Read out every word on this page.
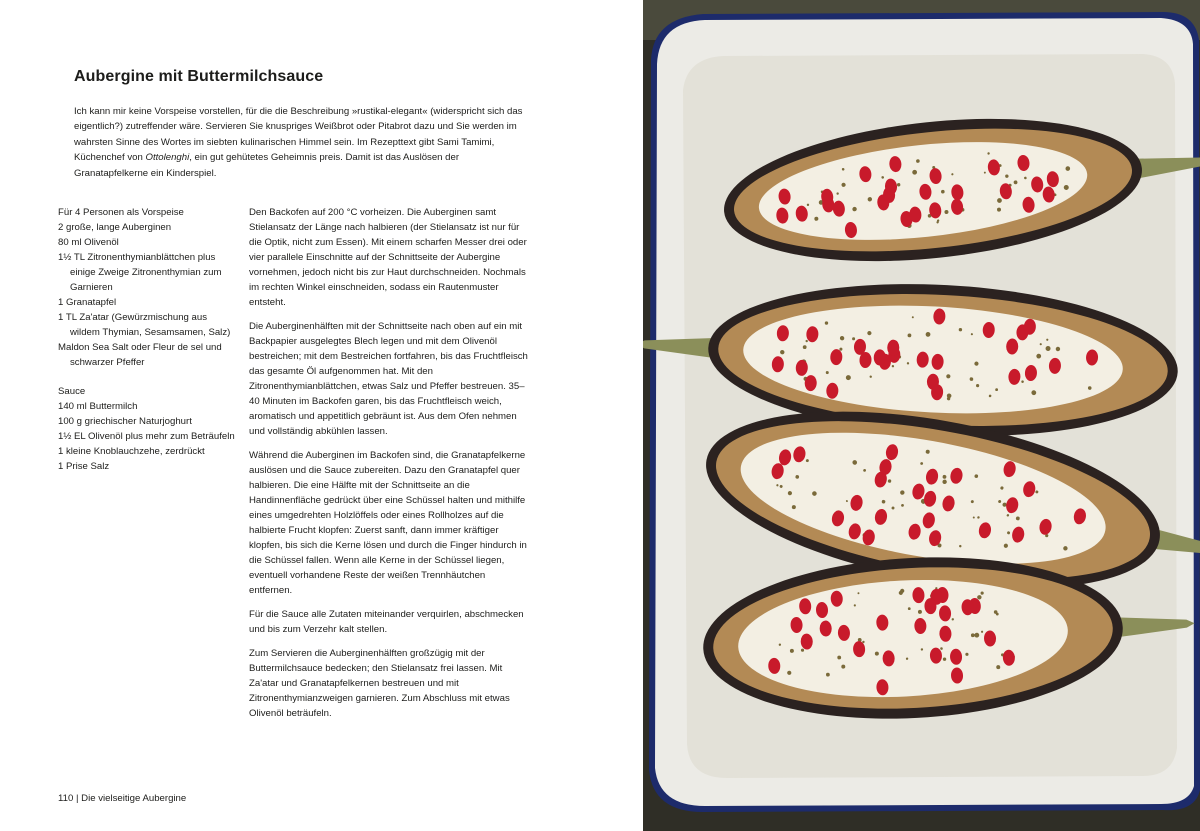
Aubergine mit Buttermilchsauce

Ich kann mir keine Vorspeise vorstellen, für die die Beschreibung »rustikal-elegant« (widerspricht sich das eigentlich?) zutreffender wäre. Servieren Sie knuspriges Weißbrot oder Pitabrot dazu und Sie werden im wahrsten Sinne des Wortes im siebten kulinarischen Himmel sein. Im Rezepttext gibt Sami Tamimi, Küchenchef von Ottolenghi, ein gut gehütetes Geheimnis preis. Damit ist das Auslösen der Granatapfelkerne ein Kinderspiel.

Für 4 Personen als Vorspeise
2 große, lange Auberginen
80 ml Olivenöl
1½ TL Zitronenthymianblättchen plus
einige Zweige Zitronenthymian zum
Garnieren
1 Granatapfel
1 TL Za'atar (Gewürzmischung aus
wildem Thymian, Sesamsamen, Salz)
Maldon Sea Salt oder Fleur de sel und
schwarzer Pfeffer
Sauce
140 ml Buttermilch
100 g griechischer Naturjoghurt
1½ EL Olivenöl plus mehr zum Beträufeln
1 kleine Knoblauchzehe, zerdrückt
1 Prise Salz

Den Backofen auf 200 °C vorheizen. Die Auberginen samt Stielansatz der Länge nach halbieren (der Stielansatz ist nur für die Optik, nicht zum Essen). Mit einem scharfen Messer drei oder vier parallele Einschnitte auf der Schnittseite der Aubergine vornehmen, jedoch nicht bis zur Haut durchschneiden. Nochmals im rechten Winkel einschneiden, sodass ein Rautenmuster entsteht.

Die Auberginenhälften mit der Schnittseite nach oben auf ein mit Backpapier ausgelegtes Blech legen und mit dem Olivenöl bestreichen; mit dem Bestreichen fortfahren, bis das Fruchtfleisch das gesamte Öl aufgenommen hat. Mit den Zitronenthymianblättchen, etwas Salz und Pfeffer bestreuen. 35–40 Minuten im Backofen garen, bis das Fruchtfleisch weich, aromatisch und appetitlich gebräunt ist. Aus dem Ofen nehmen und vollständig abkühlen lassen.

Während die Auberginen im Backofen sind, die Granatapfelkerne auslösen und die Sauce zubereiten. Dazu den Granatapfel quer halbieren. Die eine Hälfte mit der Schnittseite an die Handinnenfläche gedrückt über eine Schüssel halten und mithilfe eines umgedrehten Holzlöffels oder eines Rollholzes auf die halbierte Frucht klopfen: Zuerst sanft, dann immer kräftiger klopfen, bis sich die Kerne lösen und durch die Finger hindurch in die Schüssel fallen. Wenn alle Kerne in der Schüssel liegen, eventuell vorhandene Reste der weißen Trennhäutchen entfernen.

Für die Sauce alle Zutaten miteinander verquirlen, abschmecken und bis zum Verzehr kalt stellen.

Zum Servieren die Auberginenhälften großzügig mit der Buttermilchsauce bedecken; den Stielansatz frei lassen. Mit Za'atar und Granatapfelkernen bestreuen und mit Zitronenthymianzweigen garnieren. Zum Abschluss mit etwas Olivenöl beträufeln.

110 | Die vielseitige Aubergine
